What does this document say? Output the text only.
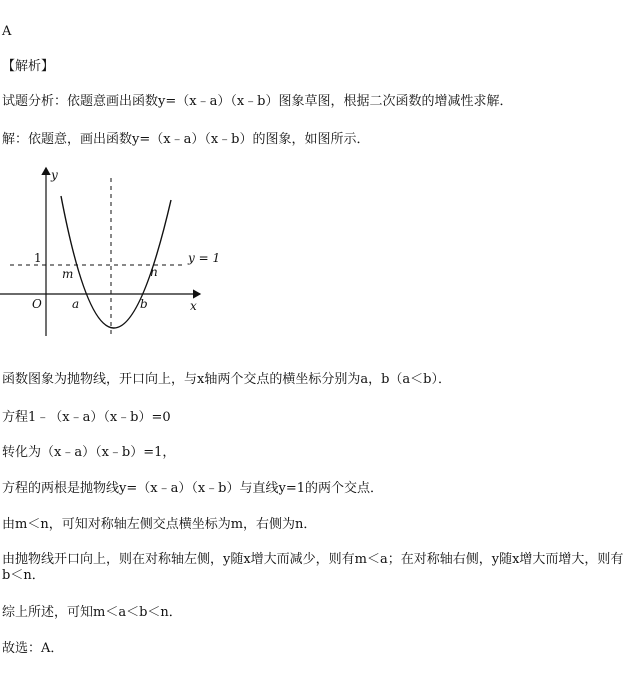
A
【解析】
试题分析：依题意画出函数y=（x﹣a）（x﹣b）图象草图，根据二次函数的增减性求解．
解：依题意，画出函数y=（x﹣a）（x﹣b）的图象，如图所示．
y
x
O
1	y = 1
m	n
a	b
函数图象为抛物线，开口向上，与x轴两个交点的横坐标分别为a，b（a＜b）．
方程1﹣（x﹣a）（x﹣b）=0
转化为（x﹣a）（x﹣b）=1，
方程的两根是抛物线y=（x﹣a）（x﹣b）与直线y=1的两个交点．
由m＜n，可知对称轴左侧交点横坐标为m，右侧为n．
由抛物线开口向上，则在对称轴左侧，y随x增大而减少，则有m＜a；在对称轴右侧，y随x增大而增大，则有b＜n．
综上所述，可知m＜a＜b＜n．
故选：A．
